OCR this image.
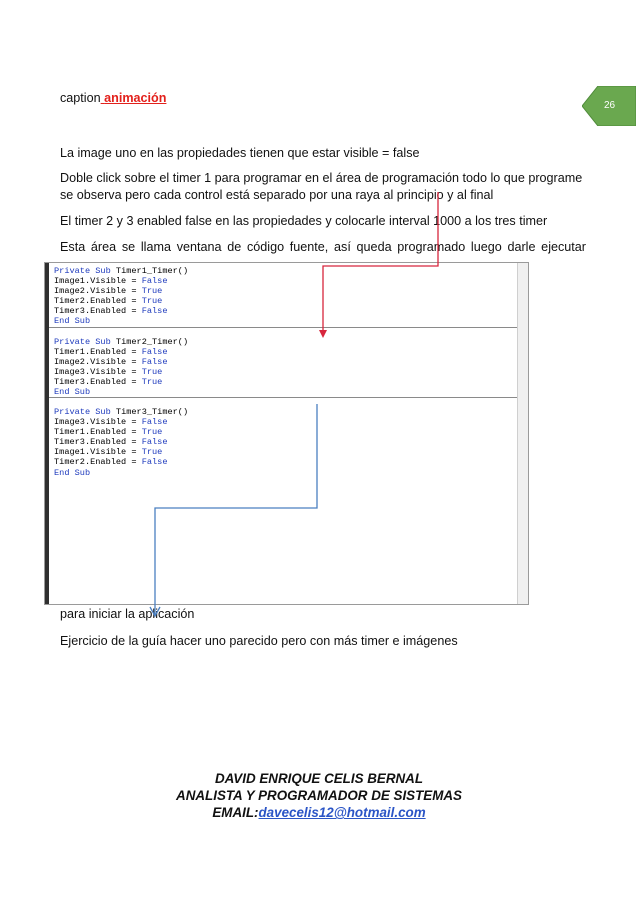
26
caption animación

La image uno en las propiedades tienen que estar visible = false

Doble click sobre el timer 1 para programar en el área de programación todo lo que programe se observa pero cada control está separado por una raya al principio y al final

El timer 2 y 3 enabled false en las propiedades y colocarle interval 1000 a los tres timer

Esta área se llama ventana de código fuente, así queda programado luego darle ejecutar

Private Sub Timer1_Timer()
Image1.Visible = False
Image2.Visible = True
Timer2.Enabled = True
Timer3.Enabled = False
End Sub
Private Sub Timer2_Timer()
Timer1.Enabled = False
Image2.Visible = False
Image3.Visible = True
Timer3.Enabled = True
End Sub
Private Sub Timer3_Timer()
Image3.Visible = False
Timer1.Enabled = True
Timer3.Enabled = False
Image1.Visible = True
Timer2.Enabled = False
End Sub

para iniciar la aplicación

Ejercicio de la guía hacer uno parecido pero con más timer e imágenes

DAVID ENRIQUE CELIS BERNAL
ANALISTA Y PROGRAMADOR DE SISTEMAS
EMAIL:davecelis12@hotmail.com
